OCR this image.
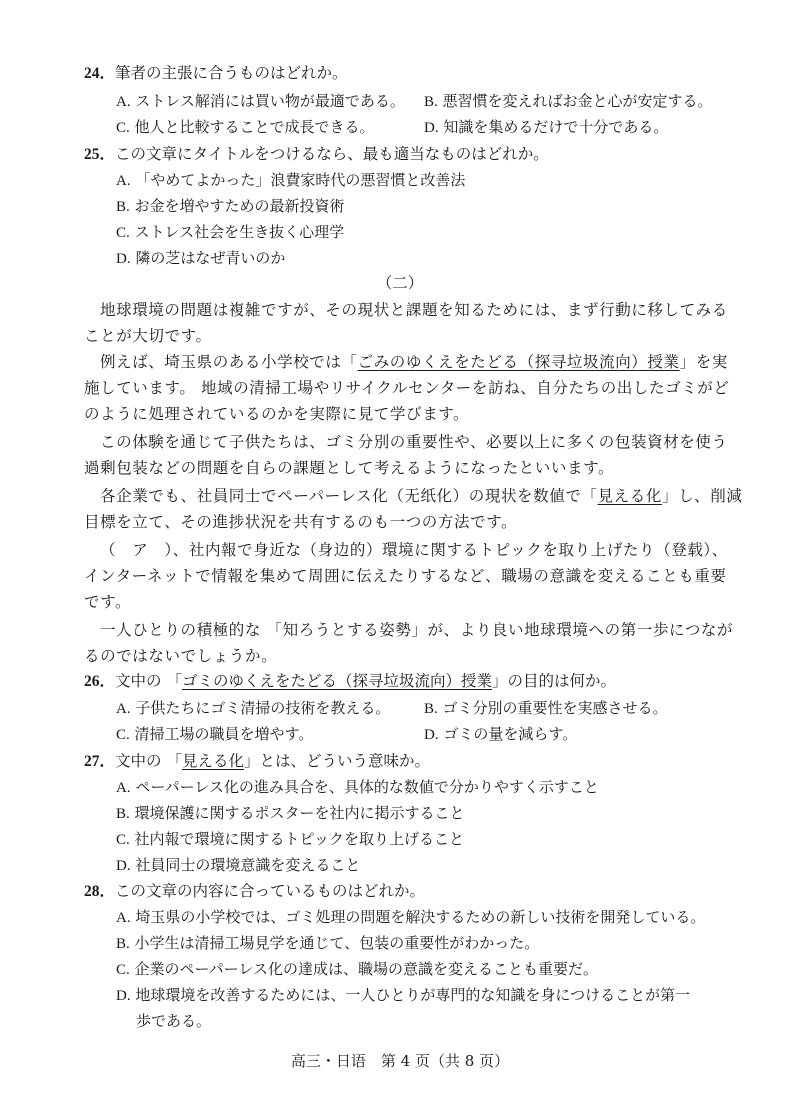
24．筆者の主張に合うものはどれか。
A. ストレス解消には買い物が最適である。 B. 悪習慣を変えればお金と心が安定する。
C. 他人と比較することで成長できる。	D. 知識を集めるだけで十分である。
25．この文章にタイトルをつけるなら、最も適当なものはどれか。
A. 「やめてよかった」浪費家時代の悪習慣と改善法
B. お金を増やすための最新投資術
C. ストレス社会を生き抜く心理学
D. 隣の芝はなぜ青いのか
（二）
地球環境の問題は複雑ですが、その現状と課題を知るためには、まず行動に移してみる
ことが大切です。
例えば、埼玉県のある小学校では「ごみのゆくえをたどる（探寻垃圾流向）授業」を実
施しています。 地域の清掃工場やリサイクルセンターを訪ね、自分たちの出したゴミがど
のように処理されているのかを実際に見て学びます。
この体験を通じて子供たちは、ゴミ分別の重要性や、必要以上に多くの包装資材を使う
過剰包装などの問題を自らの課題として考えるようになったといいます。
各企業でも、社員同士でペーパーレス化（无纸化）の現状を数値で「見える化」し、削減
目標を立て、その進捗状況を共有するのも一つの方法です。
（　ア　）、社内報で身近な（身边的）環境に関するトピックを取り上げたり（登载）、
インターネットで情報を集めて周囲に伝えたりするなど、職場の意識を変えることも重要
です。
一人ひとりの積極的な 「知ろうとする姿勢」が、より良い地球環境への第一歩につなが
るのではないでしょうか。
26．文中の 「ゴミのゆくえをたどる（探寻垃圾流向）授業」の目的は何か。
A. 子供たちにゴミ清掃の技術を教える。 B. ゴミ分別の重要性を実感させる。
C. 清掃工場の職員を増やす。	D. ゴミの量を減らす。
27．文中の 「見える化」とは、どういう意味か。
A. ペーパーレス化の進み具合を、具体的な数値で分かりやすく示すこと
B. 環境保護に関するポスターを社内に掲示すること
C. 社内報で環境に関するトピックを取り上げること
D. 社員同士の環境意識を変えること
28．この文章の内容に合っているものはどれか。
A. 埼玉県の小学校では、ゴミ処理の問題を解決するための新しい技術を開発している。
B. 小学生は清掃工場見学を通じて、包装の重要性がわかった。
C. 企業のペーパーレス化の達成は、職場の意識を変えることも重要だ。
D. 地球環境を改善するためには、一人ひとりが専門的な知識を身につけることが第一
歩である。
高三・日语　第 4 页（共 8 页）
